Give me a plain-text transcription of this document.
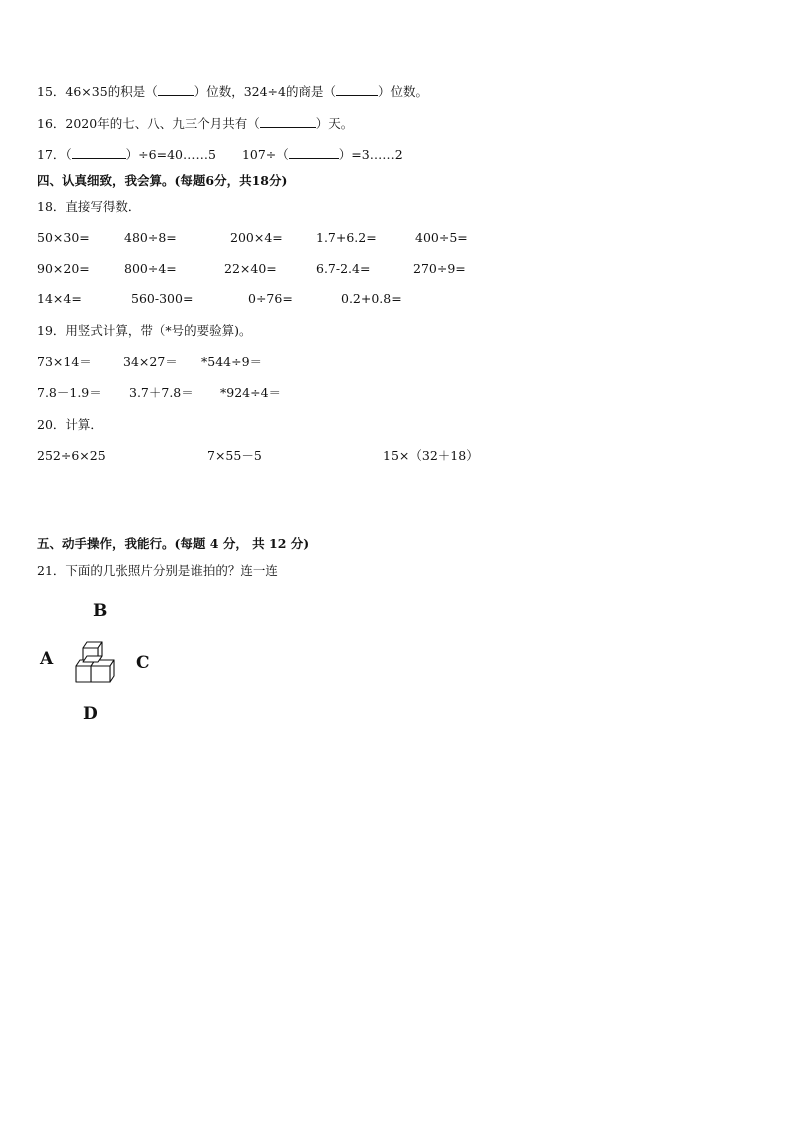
15．46×35的积是（	）位数，324÷4的商是（	）位数。
16．2020年的七、八、九三个月共有（	）天。
17．（	）÷6=40……5 107÷（	）=3……2
四、认真细致，我会算。(每题6分，共18分)
18．直接写得数．
50×30=	480÷8=	200×4=	1.7+6.2=	400÷5=
90×20=	800÷4=	22×40=	6.7-2.4=	270÷9=
14×4=	560-300=	0÷76=	0.2+0.8=
19．用竖式计算，带（*号的要验算)。
73×14＝ 34×27＝ *544÷9＝
7.8－1.9＝ 3.7＋7.8＝ *924÷4＝
20．计算．
252÷6×25	7×55－5	15×（32＋18）
五、动手操作，我能行。(每题 4 分， 共 12 分)
21．下面的几张照片分别是谁拍的？连一连
B
A	C
D
